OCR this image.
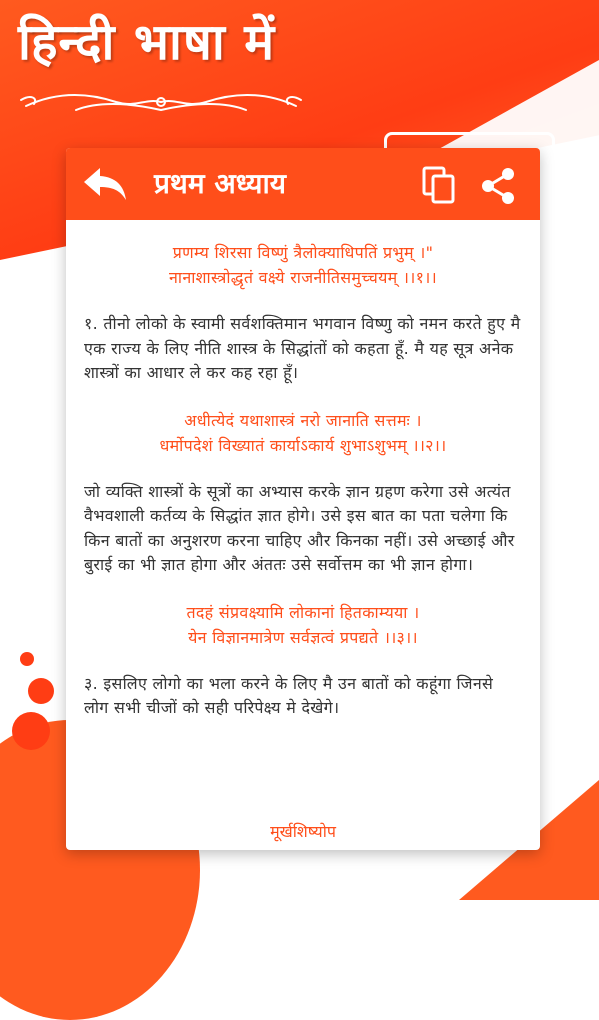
हिन्दी भाषा में
प्रथम अध्याय

प्रणम्य शिरसा विष्णुं त्रैलोक्याधिपतिं प्रभुम् ।"
नानाशास्त्रोद्धृतं वक्ष्ये राजनीतिसमुच्चयम् ।।१।।

१. तीनो लोको के स्वामी सर्वशक्तिमान भगवान विष्णु को नमन करते हुए मै एक राज्य के लिए नीति शास्त्र के सिद्धांतों को कहता हूँ. मै यह सूत्र अनेक शास्त्रों का आधार ले कर कह रहा हूँ।

अधीत्येदं यथाशास्त्रं नरो जानाति सत्तमः ।
धर्मोपदेशं विख्यातं कार्याऽकार्य शुभाऽशुभम् ।।२।।

जो व्यक्ति शास्त्रों के सूत्रों का अभ्यास करके ज्ञान ग्रहण करेगा उसे अत्यंत वैभवशाली कर्तव्य के सिद्धांत ज्ञात होगे। उसे इस बात का पता चलेगा कि किन बातों का अनुशरण करना चाहिए और किनका नहीं। उसे अच्छाई और बुराई का भी ज्ञात होगा और अंततः उसे सर्वोत्तम का भी ज्ञान होगा।

तदहं संप्रवक्ष्यामि लोकानां हितकाम्यया ।
येन विज्ञानमात्रेण सर्वज्ञत्वं प्रपद्यते ।।३।।

३. इसलिए लोगो का भला करने के लिए मै उन बातों को कहूंगा जिनसे लोग सभी चीजों को सही परिपेक्ष्य मे देखेगे।

मूर्खशिष्योप
